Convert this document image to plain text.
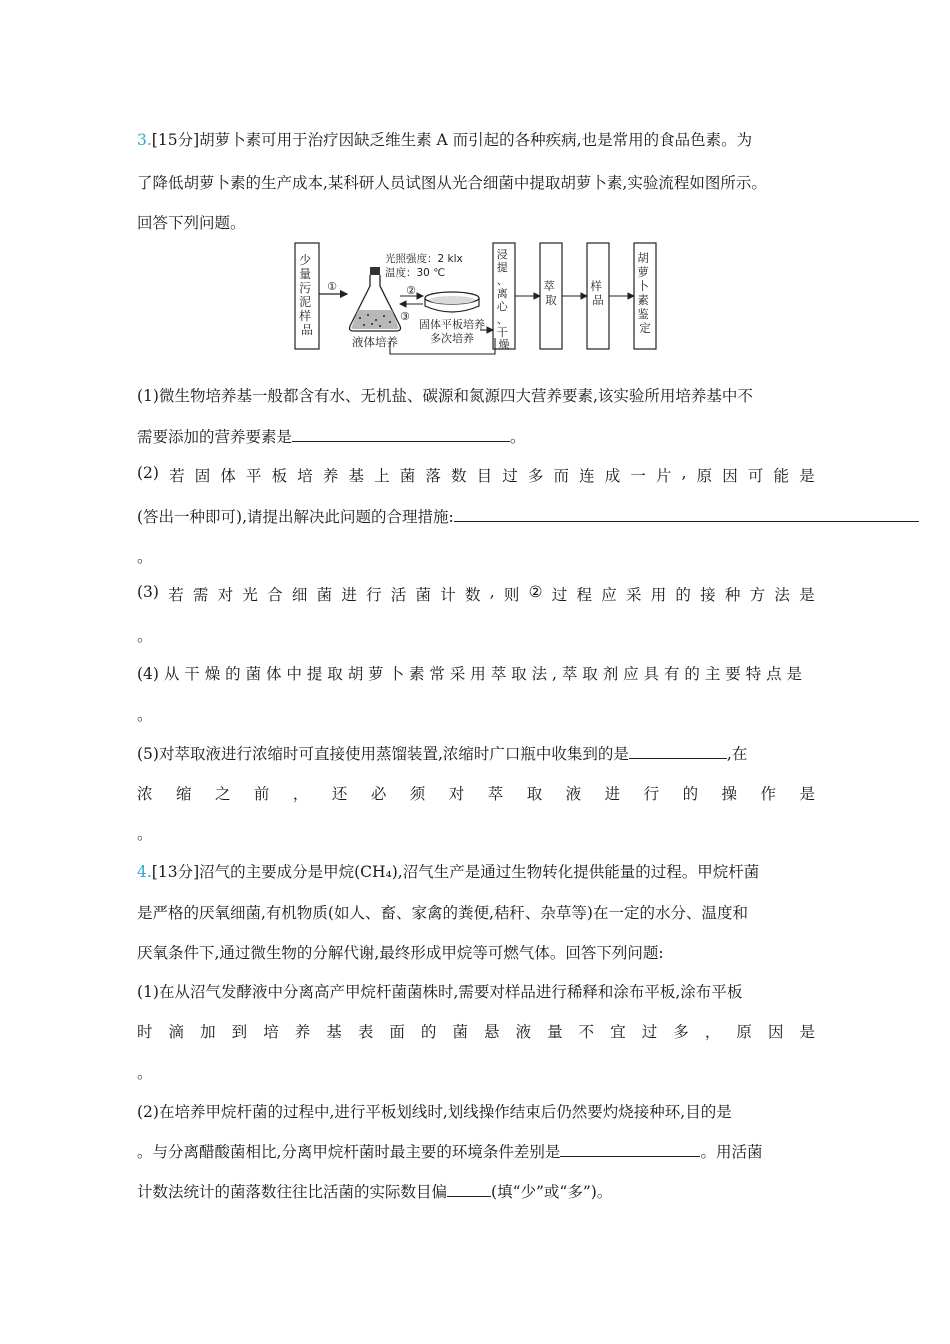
3.[15分]胡萝卜素可用于治疗因缺乏维生素 A 而引起的各种疾病,也是常用的食品色素。为
了降低胡萝卜素的生产成本,某科研人员试图从光合细菌中提取胡萝卜素,实验流程如图所示。
回答下列问题。
少 量 污 泥 样 品
①
光照强度：2 klx
温度：30 ℃
液体培养
②
③
固体平板培养
多次培养
浸 提 、 离 心 、 干 燥
萃 取
样 品
胡 萝 卜 素 鉴 定
(1)微生物培养基一般都含有水、无机盐、碳源和氮源四大营养要素,该实验所用培养基中不
需要添加的营养要素是	。
(2) 若 固 体 平 板 培 养 基 上 菌 落 数 目 过 多 而 连 成 一 片 , 原 因 可 能 是
(答出一种即可),请提出解决此问题的合理措施:
。
(3) 若 需 对 光 合 细 菌 进 行 活 菌 计 数 , 则 ② 过 程 应 采 用 的 接 种 方 法 是
。
(4) 从 干 燥 的 菌 体 中 提 取 胡 萝 卜 素 常 采 用 萃 取 法 , 萃 取 剂 应 具 有 的 主 要 特 点 是
。
(5)对萃取液进行浓缩时可直接使用蒸馏装置,浓缩时广口瓶中收集到的是	,在
浓 缩 之 前 ， 还 必 须 对 萃 取 液 进 行 的 操 作 是
。
4.[13分]沼气的主要成分是甲烷(CH₄),沼气生产是通过生物转化提供能量的过程。甲烷杆菌
是严格的厌氧细菌,有机物质(如人、畜、家禽的粪便,秸秆、杂草等)在一定的水分、温度和
厌氧条件下,通过微生物的分解代谢,最终形成甲烷等可燃气体。回答下列问题:
(1)在从沼气发酵液中分离高产甲烷杆菌菌株时,需要对样品进行稀释和涂布平板,涂布平板
时 滴 加 到 培 养 基 表 面 的 菌 悬 液 量 不 宜 过 多 ， 原 因 是
。
(2)在培养甲烷杆菌的过程中,进行平板划线时,划线操作结束后仍然要灼烧接种环,目的是
。与分离醋酸菌相比,分离甲烷杆菌时最主要的环境条件差别是	。用活菌
计数法统计的菌落数往往比活菌的实际数目偏	(填“少”或“多”)。
